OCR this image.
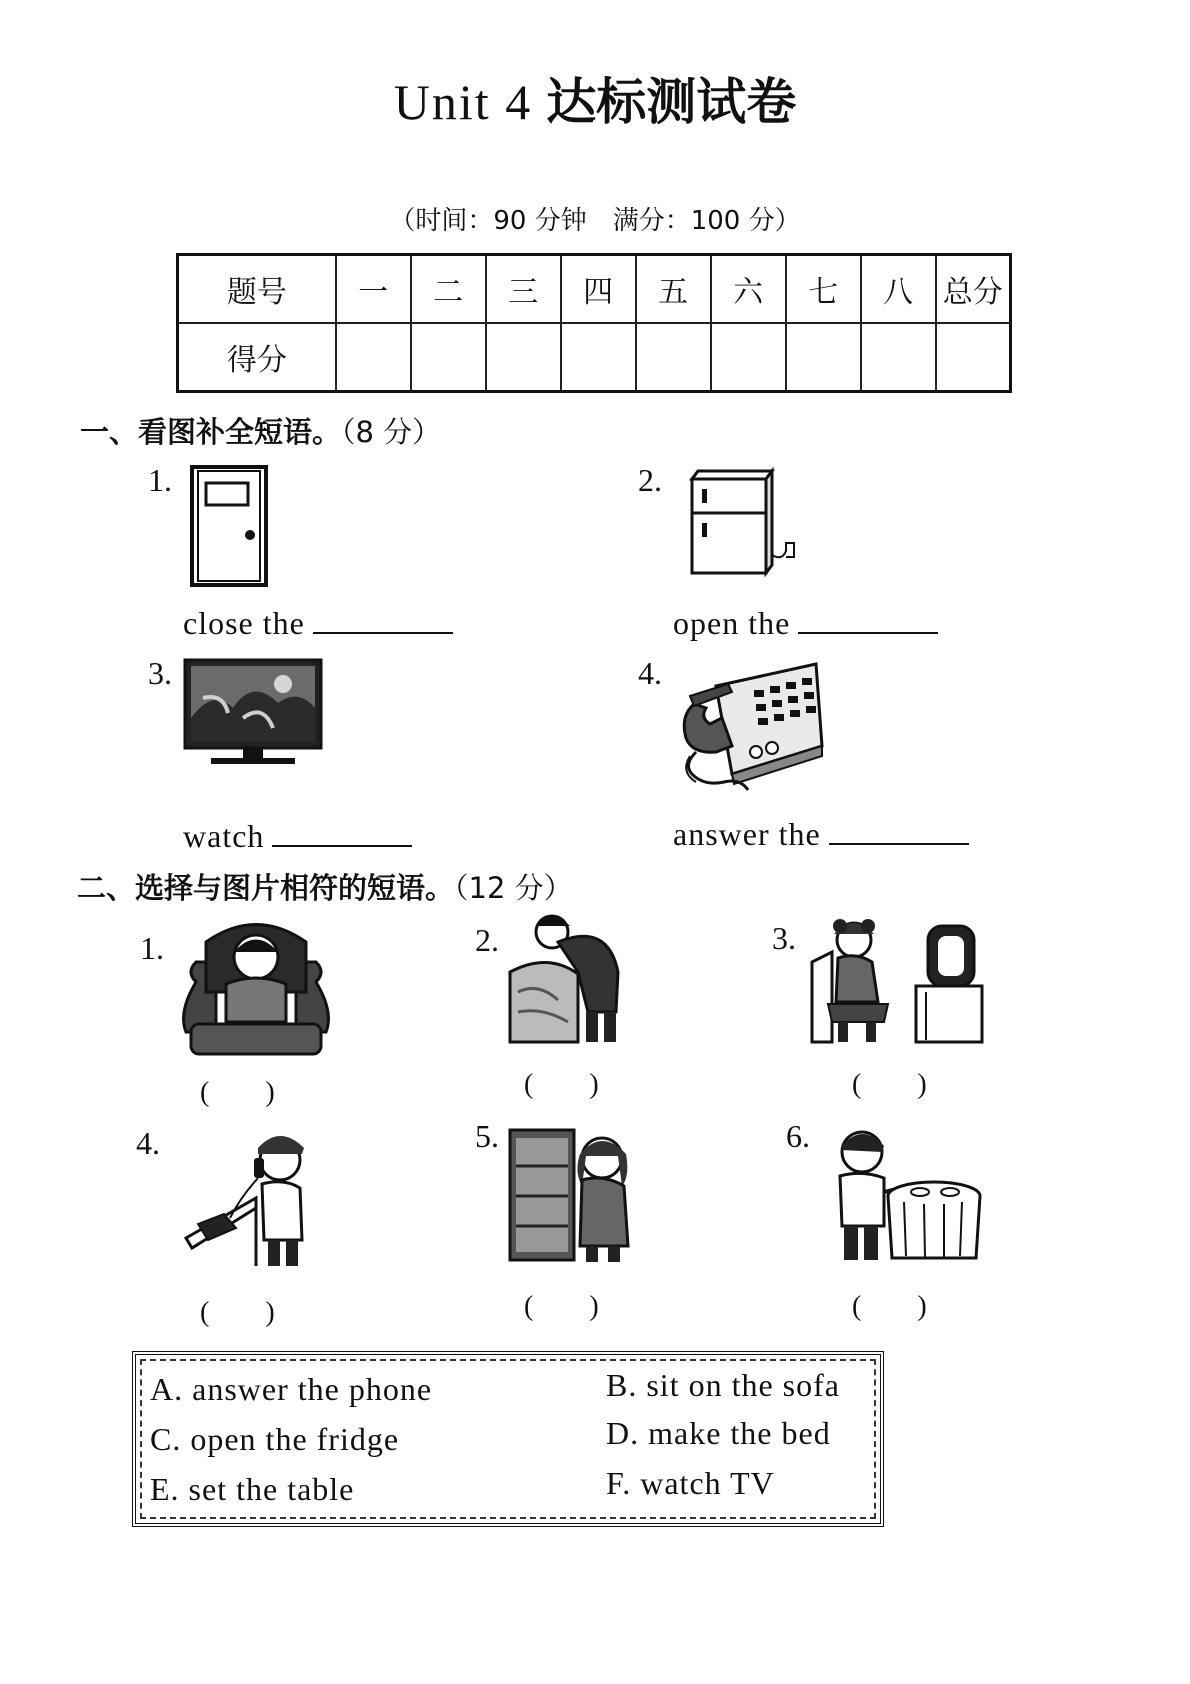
Unit 4 达标测试卷
（时间：90 分钟　满分：100 分）
题号	一	二	三	四	五	六	七	八	总分
得分									
一、看图补全短语。（8 分）
1.
close the
2.
open the
3.
watch
4.
answer the
二、选择与图片相符的短语。（12 分）
1.
(　　)
2.
(　　)
3.
(　　)
4.
(　　)
5.
(　　)
6.
(　　)
A. answer the phone	B. sit on the sofa
C. open the fridge	D. make the bed
E. set the table	F. watch TV
